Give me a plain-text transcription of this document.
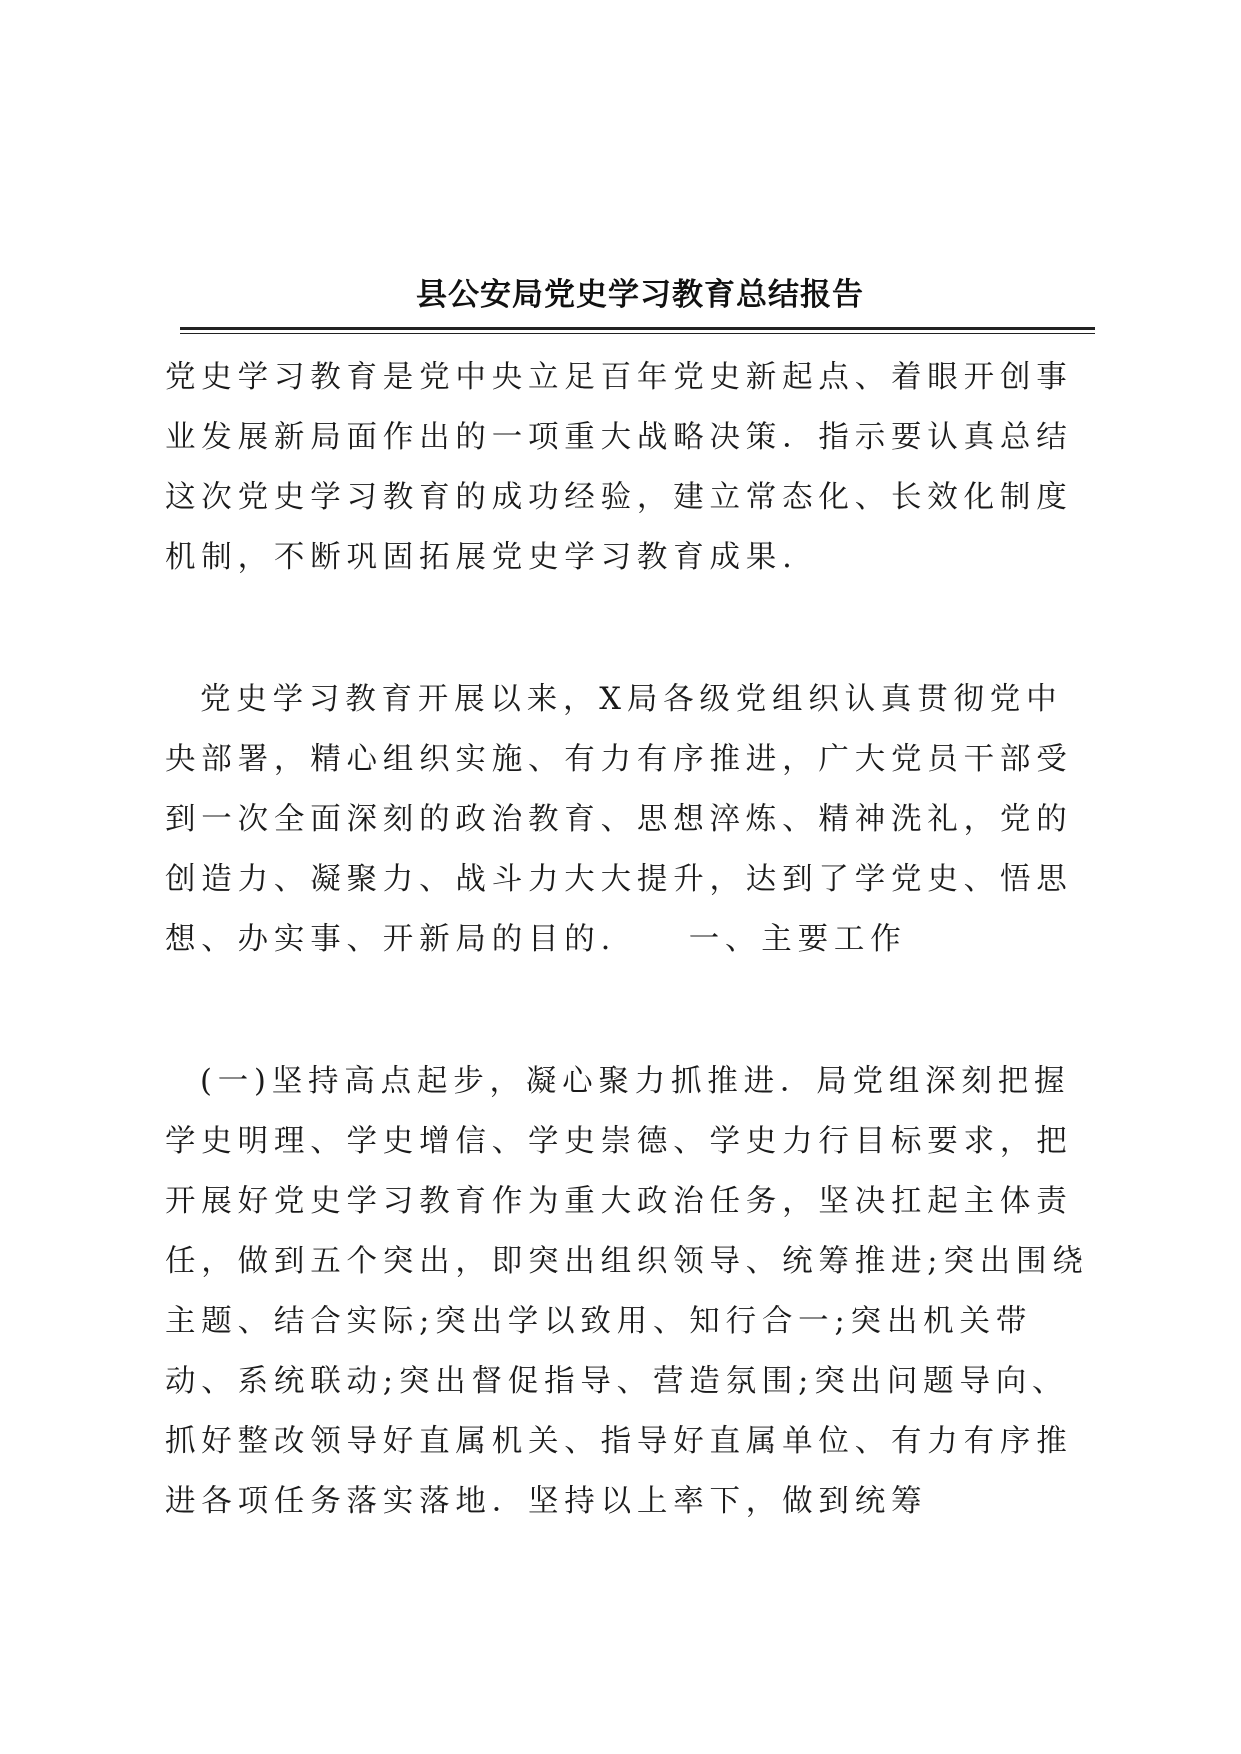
县公安局党史学习教育总结报告

党史学习教育是党中央立足百年党史新起点、着眼开创事业发展新局面作出的一项重大战略决策．指示要认真总结这次党史学习教育的成功经验，建立常态化、长效化制度机制，不断巩固拓展党史学习教育成果.

党史学习教育开展以来，X局各级党组织认真贯彻党中央部署，精心组织实施、有力有序推进，广大党员干部受到一次全面深刻的政治教育、思想淬炼、精神洗礼，党的创造力、凝聚力、战斗力大大提升，达到了学党史、悟思想、办实事、开新局的目的.　　一、主要工作

(一)坚持高点起步，凝心聚力抓推进．局党组深刻把握学史明理、学史增信、学史崇德、学史力行目标要求，把开展好党史学习教育作为重大政治任务，坚决扛起主体责任，做到五个突出，即突出组织领导、统筹推进;突出围绕主题、结合实际;突出学以致用、知行合一;突出机关带动、系统联动;突出督促指导、营造氛围;突出问题导向、抓好整改领导好直属机关、指导好直属单位、有力有序推进各项任务落实落地．坚持以上率下，做到统筹
